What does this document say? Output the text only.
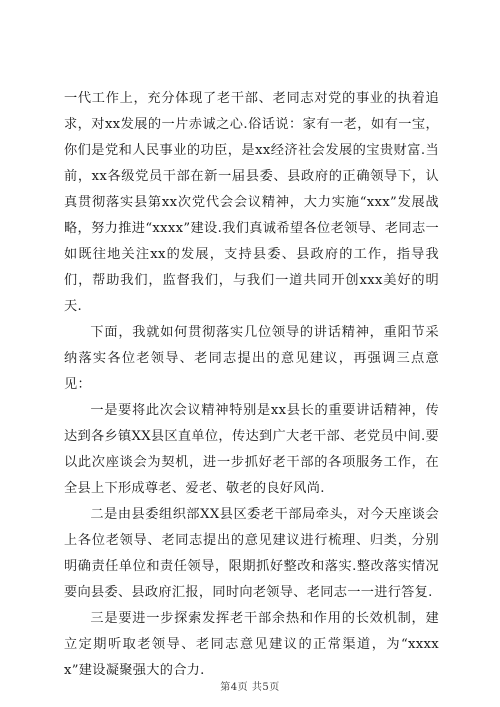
一代工作上，充分体现了老干部、老同志对党的事业的执着追求，对xx发展的一片赤诚之心.俗话说：家有一老，如有一宝，你们是党和人民事业的功臣，是xx经济社会发展的宝贵财富.当前，xx各级党员干部在新一届县委、县政府的正确领导下，认真贯彻落实县第xx次党代会会议精神，大力实施“xxx”发展战略，努力推进“xxxx”建设.我们真诚希望各位老领导、老同志一如既往地关注xx的发展，支持县委、县政府的工作，指导我们，帮助我们，监督我们，与我们一道共同开创xxx美好的明天.

下面，我就如何贯彻落实几位领导的讲话精神，重阳节采纳落实各位老领导、老同志提出的意见建议，再强调三点意见：

一是要将此次会议精神特别是xx县长的重要讲话精神，传达到各乡镇XX县区直单位，传达到广大老干部、老党员中间.要以此次座谈会为契机，进一步抓好老干部的各项服务工作，在全县上下形成尊老、爱老、敬老的良好风尚.

二是由县委组织部XX县区委老干部局牵头，对今天座谈会上各位老领导、老同志提出的意见建议进行梳理、归类，分别明确责任单位和责任领导，限期抓好整改和落实.整改落实情况要向县委、县政府汇报，同时向老领导、老同志一一进行答复.

三是要进一步探索发挥老干部余热和作用的长效机制，建立定期听取老领导、老同志意见建议的正常渠道，为“xxxxx”建设凝聚强大的合力.

第4页 共5页
